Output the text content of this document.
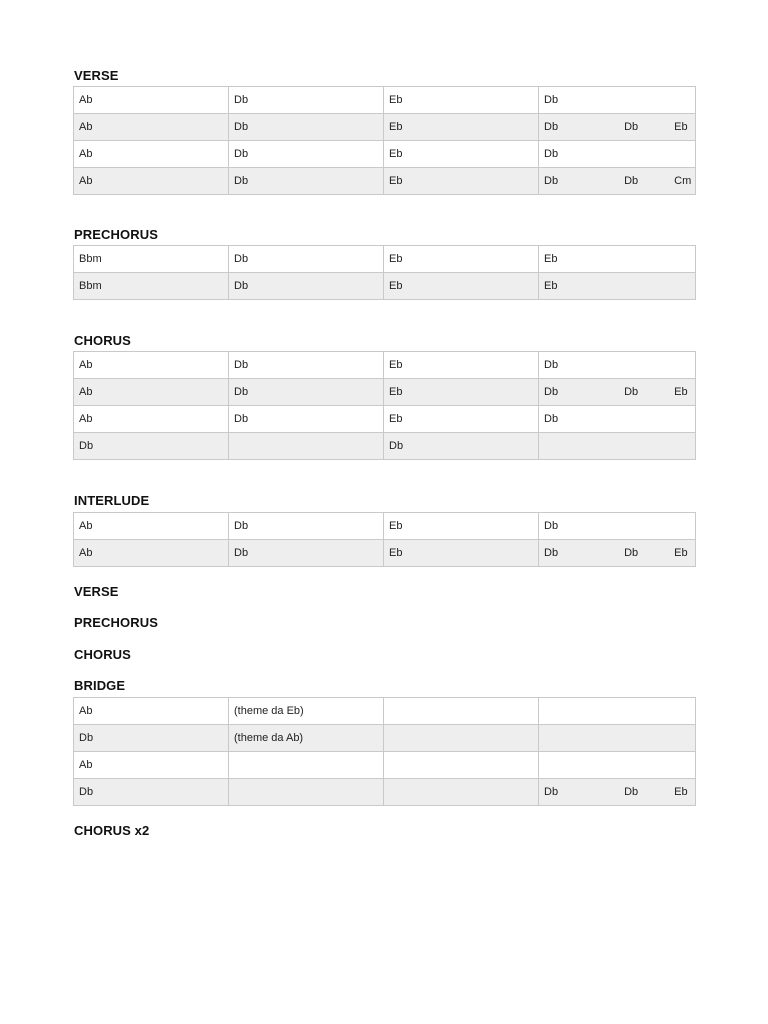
VERSE
Ab	Db	Eb	Db
Ab	Db	Eb	Db Db Eb
Ab	Db	Eb	Db
Ab	Db	Eb	Db Db Cm
PRECHORUS
Bbm	Db	Eb	Eb
Bbm	Db	Eb	Eb
CHORUS
Ab	Db	Eb	Db
Ab	Db	Eb	Db Db Eb
Ab	Db	Eb	Db
Db		Db	
INTERLUDE
Ab	Db	Eb	Db
Ab	Db	Eb	Db Db Eb
VERSE
PRECHORUS
CHORUS
BRIDGE
Ab	(theme da Eb)		
Db	(theme da Ab)		
Ab			
Db			Db Db Eb
CHORUS x2
